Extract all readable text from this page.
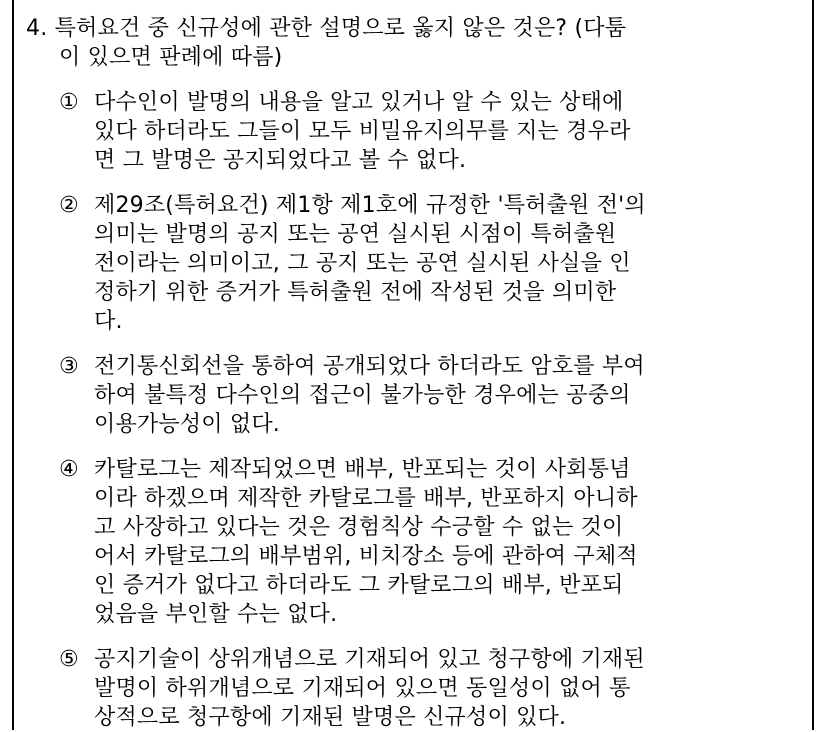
4. 특허요건 중 신규성에 관한 설명으로 옳지 않은 것은? (다툼
이 있으면 판례에 따름)
① 다수인이 발명의 내용을 알고 있거나 알 수 있는 상태에
있다 하더라도 그들이 모두 비밀유지의무를 지는 경우라
면 그 발명은 공지되었다고 볼 수 없다.
② 제29조(특허요건) 제1항 제1호에 규정한 '특허출원 전'의
의미는 발명의 공지 또는 공연 실시된 시점이 특허출원
전이라는 의미이고, 그 공지 또는 공연 실시된 사실을 인
정하기 위한 증거가 특허출원 전에 작성된 것을 의미한
다.
③ 전기통신회선을 통하여 공개되었다 하더라도 암호를 부여
하여 불특정 다수인의 접근이 불가능한 경우에는 공중의
이용가능성이 없다.
④ 카탈로그는 제작되었으면 배부, 반포되는 것이 사회통념
이라 하겠으며 제작한 카탈로그를 배부, 반포하지 아니하
고 사장하고 있다는 것은 경험칙상 수긍할 수 없는 것이
어서 카탈로그의 배부범위, 비치장소 등에 관하여 구체적
인 증거가 없다고 하더라도 그 카탈로그의 배부, 반포되
었음을 부인할 수는 없다.
⑤ 공지기술이 상위개념으로 기재되어 있고 청구항에 기재된
발명이 하위개념으로 기재되어 있으면 동일성이 없어 통
상적으로 청구항에 기재된 발명은 신규성이 있다.
